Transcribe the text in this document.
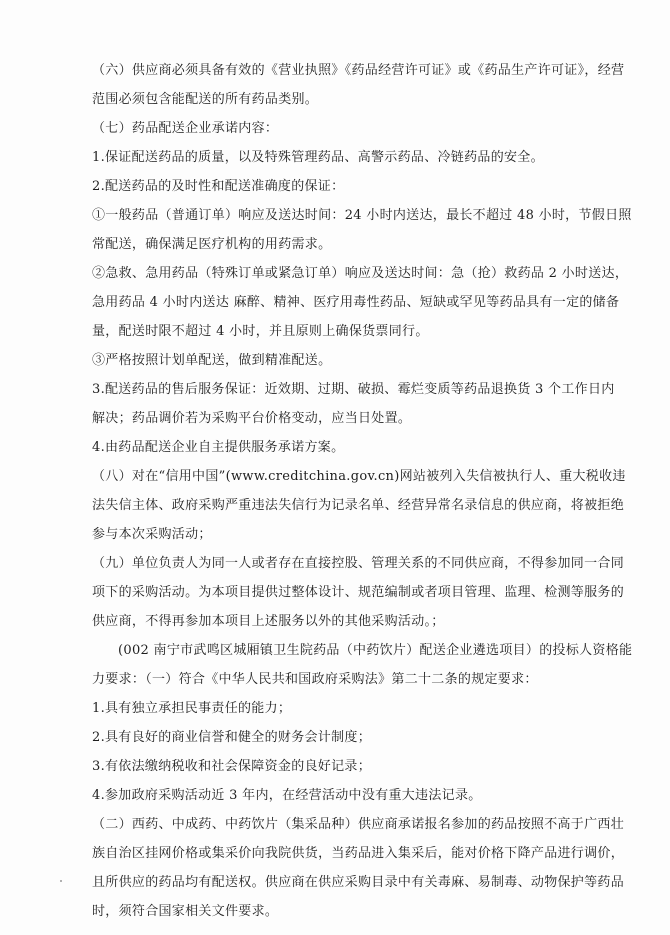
（六）供应商必须具备有效的《营业执照》《药品经营许可证》或《药品生产许可证》，经营
范围必须包含能配送的所有药品类别。
（七）药品配送企业承诺内容：
1.保证配送药品的质量，以及特殊管理药品、高警示药品、冷链药品的安全。
2.配送药品的及时性和配送准确度的保证：
①一般药品（普通订单）响应及送达时间：24 小时内送达，最长不超过 48 小时，节假日照
常配送，确保满足医疗机构的用药需求。
②急救、急用药品（特殊订单或紧急订单）响应及送达时间：急（抢）救药品 2 小时送达，
急用药品 4 小时内送达 麻醉、精神、医疗用毒性药品、短缺或罕见等药品具有一定的储备
量，配送时限不超过 4 小时，并且原则上确保货票同行。
③严格按照计划单配送，做到精准配送。
3.配送药品的售后服务保证：近效期、过期、破损、霉烂变质等药品退换货 3 个工作日内
解决；药品调价若为采购平台价格变动，应当日处置。
4.由药品配送企业自主提供服务承诺方案。
（八）对在“信用中国”(www.creditchina.gov.cn)网站被列入失信被执行人、重大税收违
法失信主体、政府采购严重违法失信行为记录名单、经营异常名录信息的供应商，将被拒绝
参与本次采购活动；
（九）单位负责人为同一人或者存在直接控股、管理关系的不同供应商，不得参加同一合同
项下的采购活动。为本项目提供过整体设计、规范编制或者项目管理、监理、检测等服务的
供应商，不得再参加本项目上述服务以外的其他采购活动。；
(002 南宁市武鸣区城厢镇卫生院药品（中药饮片）配送企业遴选项目）的投标人资格能
力要求：（一）符合《中华人民共和国政府采购法》第二十二条的规定要求：
1.具有独立承担民事责任的能力；
2.具有良好的商业信誉和健全的财务会计制度；
3.有依法缴纳税收和社会保障资金的良好记录；
4.参加政府采购活动近 3 年内，在经营活动中没有重大违法记录。
（二）西药、中成药、中药饮片（集采品种）供应商承诺报名参加的药品按照不高于广西壮
族自治区挂网价格或集采价向我院供货，当药品进入集采后，能对价格下降产品进行调价，
且所供应的药品均有配送权。供应商在供应采购目录中有关毒麻、易制毒、动物保护等药品
时，须符合国家相关文件要求。
